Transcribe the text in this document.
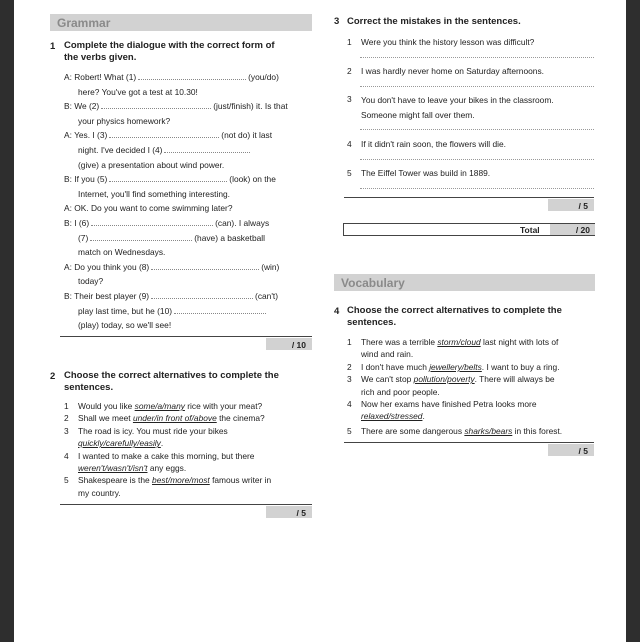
Grammar
1 Complete the dialogue with the correct form of
the verbs given.
A: Robert! What (1)	(you/do)
here? You've got a test at 10.30!
B: We (2)	(just/finish) it. Is that
your physics homework?
A: Yes. I (3)	(not do) it last
night. I've decided I (4)
(give) a presentation about wind power.
B: If you (5)	(look) on the
Internet, you'll find something interesting.
A: OK. Do you want to come swimming later?
B: I (6)	(can). I always
(7)	(have) a basketball
match on Wednesdays.
A: Do you think you (8)	(win)
today?
B: Their best player (9)	(can't)
play last time, but he (10)
(play) today, so we'll see!
/ 10
2 Choose the correct alternatives to complete the
sentences.
1 Would you like some/a/many rice with your meat?
2 Shall we meet under/in front of/above the cinema?
3 The road is icy. You must ride your bikes
quickly/carefully/easily.
4 I wanted to make a cake this morning, but there
weren't/wasn't/isn't any eggs.
5 Shakespeare is the best/more/most famous writer in
my country.
/ 5
3 Correct the mistakes in the sentences.
1	Were you think the history lesson was difficult?
2	I was hardly never home on Saturday afternoons.
3	You don't have to leave your bikes in the classroom.
Someone might fall over them.
4	If it didn't rain soon, the flowers will die.
5	The Eiffel Tower was build in 1889.
/ 5
Total	/ 20
Vocabulary
4 Choose the correct alternatives to complete the
sentences.
1 There was a terrible storm/cloud last night with lots of
wind and rain.
2 I don't have much jewellery/belts. I want to buy a ring.
3 We can't stop pollution/poverty. There will always be
rich and poor people.
4 Now her exams have finished Petra looks more
relaxed/stressed.
5 There are some dangerous sharks/bears in this forest.
/ 5
